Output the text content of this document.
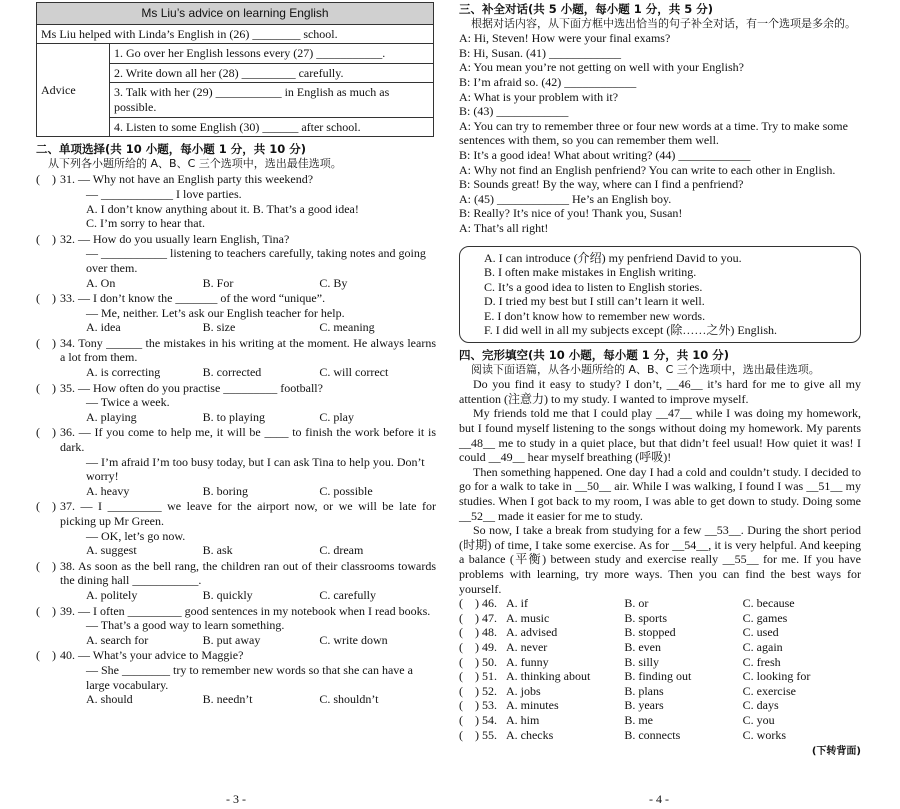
Ms Liu’s advice on learning English
Ms Liu helped with Linda’s English in (26) ________ school.
Advice	1. Go over her English lessons every (27) ___________.
2. Write down all her (28) _________ carefully.
3. Talk with her (29) ___________ in English as much as possible.
4. Listen to some English (30) ______ after school.
二、单项选择(共 10 小题，每小题 1 分，共 10 分)
从下列各小题所给的 A、B、C 三个选项中，选出最佳选项。
(    ) 31. — Why not have an English party this weekend?
— ____________ I love parties.
A. I don’t know anything about it. B. That’s a good idea!
C. I’m sorry to hear that.
(    ) 32. — How do you usually learn English, Tina?
— ___________ listening to teachers carefully, taking notes and going over them.
A. On	B. For	C. By
(    ) 33. — I don’t know the _______ of the word “unique”.
— Me, neither. Let’s ask our English teacher for help.
A. idea	B. size	C. meaning
(    ) 34. Tony ______ the mistakes in his writing at the moment. He always learns a lot from them.
A. is correcting	B. corrected	C. will correct
(    ) 35. — How often do you practise _________ football?
— Twice a week.
A. playing	B. to playing	C. play
(    ) 36. — If you come to help me, it will be ____ to finish the work before it is dark.
— I’m afraid I’m too busy today, but I can ask Tina to help you. Don’t worry!
A. heavy	B. boring	C. possible
(    ) 37. — I _________ we leave for the airport now, or we will be late for picking up Mr Green.
— OK, let’s go now.
A. suggest	B. ask	C. dream
(    ) 38. As soon as the bell rang, the children ran out of their classrooms towards the dining hall ___________.
A. politely	B. quickly	C. carefully
(    ) 39. — I often _________ good sentences in my notebook when I read books.
— That’s a good way to learn something.
A. search for	B. put away	C. write down
(    ) 40. — What’s your advice to Maggie?
— She ________ try to remember new words so that she can have a large vocabulary.
A. should	B. needn’t	C. shouldn’t
- 3 -
三、补全对话(共 5 小题，每小题 1 分，共 5 分)
根据对话内容，从下面方框中选出恰当的句子补全对话，有一个选项是多余的。
A: Hi, Steven! How were your final exams?
B: Hi, Susan. (41) ____________
A: You mean you’re not getting on well with your English?
B: I’m afraid so. (42) ____________
A: What is your problem with it?
B: (43) ____________
A: You can try to remember three or four new words at a time. Try to make some sentences with them, so you can remember them well.
B: It’s a good idea! What about writing? (44) ____________
A: Why not find an English penfriend? You can write to each other in English.
B: Sounds great! By the way, where can I find a penfriend?
A: (45) ____________ He’s an English boy.
B: Really? It’s nice of you! Thank you, Susan!
A: That’s all right!
A. I can introduce (介绍) my penfriend David to you.
B. I often make mistakes in English writing.
C. It’s a good idea to listen to English stories.
D. I tried my best but I still can’t learn it well.
E. I don’t know how to remember new words.
F. I did well in all my subjects except (除……之外) English.
四、完形填空(共 10 小题，每小题 1 分，共 10 分)
阅读下面语篇，从各小题所给的 A、B、C 三个选项中，选出最佳选项。

Do you find it easy to study? I don’t, __46__ it’s hard for me to give all my attention (注意力) to my study. I wanted to improve myself.

My friends told me that I could play __47__ while I was doing my homework, but I found myself listening to the songs without doing my homework. My parents __48__ me to study in a quiet place, but that didn’t feel usual! How quiet it was! I could __49__ hear myself breathing (呼吸)!

Then something happened. One day I had a cold and couldn’t study. I decided to go for a walk to take in __50__ air. While I was walking, I found I was __51__ my studies. When I got back to my room, I was able to get down to study. Doing some __52__ made it easier for me to study.

So now, I take a break from studying for a few __53__. During the short period (时期) of time, I take some exercise. As for __54__, it is very helpful. And keeping a balance (平衡) between study and exercise really __55__ for me. If you have problems with learning, try more ways. Then you can find the best ways for yourself.

(    ) 46. A. if	B. or	C. because
(    ) 47. A. music	B. sports	C. games
(    ) 48. A. advised	B. stopped	C. used
(    ) 49. A. never	B. even	C. again
(    ) 50. A. funny	B. silly	C. fresh
(    ) 51. A. thinking about	B. finding out	C. looking for
(    ) 52. A. jobs	B. plans	C. exercise
(    ) 53. A. minutes	B. years	C. days
(    ) 54. A. him	B. me	C. you
(    ) 55. A. checks	B. connects	C. works
(下转背面)
- 4 -
